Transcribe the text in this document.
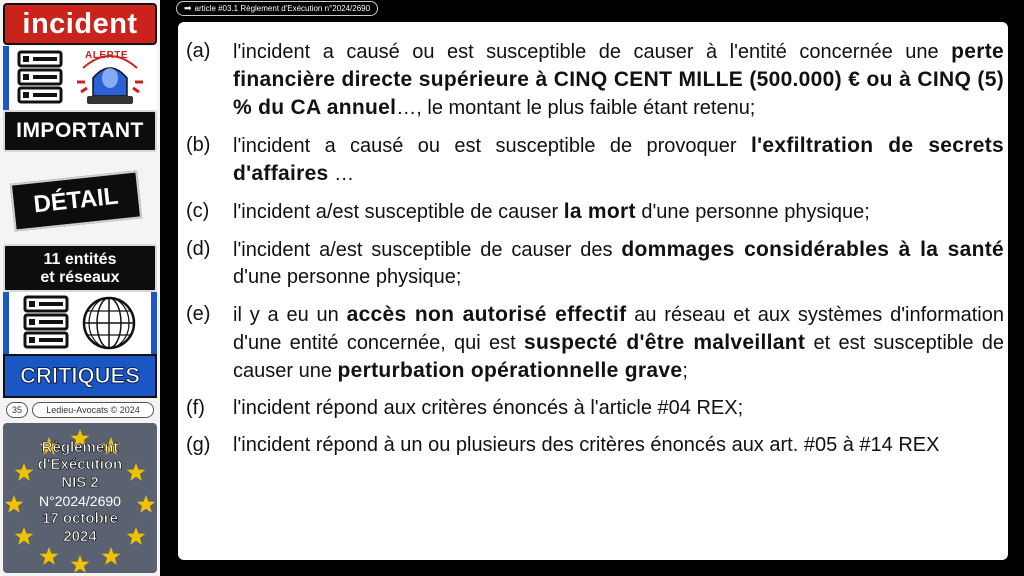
incident
ALERTE
IMPORTANT
DÉTAIL
11 entités
et réseaux
CRITIQUES
35	Ledieu-Avocats © 2024
Règlement
d'Exécution
NIS 2
N°2024/2690
17 octobre
2024
➡ article #03.1 Règlement d'Exécution n°2024/2690
(a)	l'incident a causé ou est susceptible de causer à l'entité concernée une perte financière directe supérieure à CINQ CENT MILLE (500.000) € ou à CINQ (5) % du CA annuel…, le montant le plus faible étant retenu;
(b)	l'incident a causé ou est susceptible de provoquer l'exfiltration de secrets d'affaires …
(c)	l'incident a/est susceptible de causer la mort d'une personne physique;
(d)	l'incident a/est susceptible de causer des dommages considérables à la santé d'une personne physique;
(e)	il y a eu un accès non autorisé effectif au réseau et aux systèmes d'information d'une entité concernée, qui est suspecté d'être malveillant et est susceptible de causer une perturbation opérationnelle grave;
(f)	l'incident répond aux critères énoncés à l'article #04 REX;
(g)	l'incident répond à un ou plusieurs des critères énoncés aux art. #05 à #14 REX
